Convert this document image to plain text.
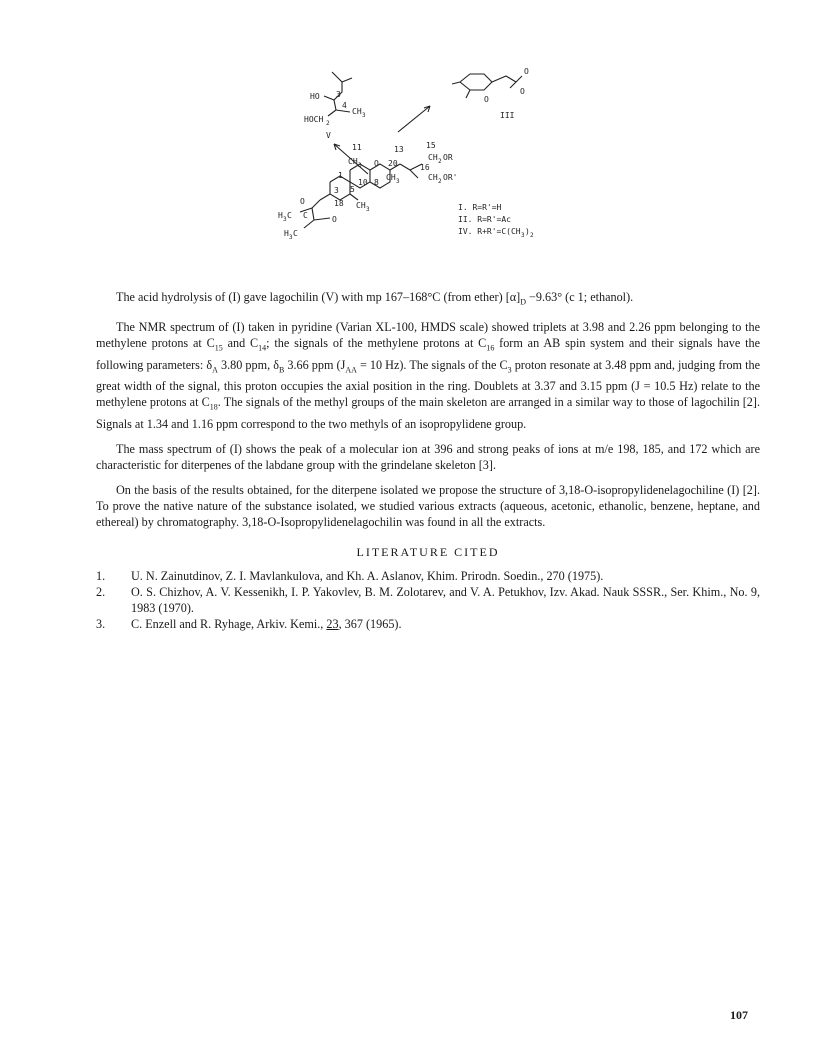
HO 3
4
CH 3
HOCH 2
V
O
O
O
III
11	13	15
CH 2 OR
16
CH 2 OR'
CH 3 O 20
CH 3
10 8
1
3 5
O	18 CH 3
H 3 C C	O
H 3 C
I. R=R'=H
II. R=R'=Ac
IV. R+R'=C(CH 3 ) 2

The acid hydrolysis of (I) gave lagochilin (V) with mp 167–168°C (from ether) $[\alpha]_D -9.63^\circ$ (c 1; ethanol).

The NMR spectrum of (I) taken in pyridine (Varian XL-100, HMDS scale) showed triplets at 3.98 and 2.26 ppm belonging to the methylene protons at $C_{15}$ and $C_{14}$; the signals of the methylene protons at $C_{16}$ form an AB spin system and their signals have the following parameters: $\delta_A$ 3.80 ppm, $\delta_B$ 3.66 ppm ($J_{AA} = 10$ Hz). The signals of the $C_3$ proton resonate at 3.48 ppm and, judging from the great width of the signal, this proton occupies the axial position in the ring. Doublets at 3.37 and 3.15 ppm (J = 10.5 Hz) relate to the methylene protons at $C_{18}$. The signals of the methyl groups of the main skeleton are arranged in a similar way to those of lagochilin [2]. Signals at 1.34 and 1.16 ppm correspond to the two methyls of an isopropylidene group.

The mass spectrum of (I) shows the peak of a molecular ion at 396 and strong peaks of ions at m/e 198, 185, and 172 which are characteristic for diterpenes of the labdane group with the grindelane skeleton [3].

On the basis of the results obtained, for the diterpene isolated we propose the structure of 3,18-O-isopropylidenelagochiline (I) [2]. To prove the native nature of the substance isolated, we studied various extracts (aqueous, acetonic, ethanolic, benzene, heptane, and ethereal) by chromatography. 3,18-O-Isopropylidenelagochilin was found in all the extracts.

LITERATURE CITED
1.	U. N. Zainutdinov, Z. I. Mavlankulova, and Kh. A. Aslanov, Khim. Prirodn. Soedin., 270 (1975).
2.	O. S. Chizhov, A. V. Kessenikh, I. P. Yakovlev, B. M. Zolotarev, and V. A. Petukhov, Izv. Akad. Nauk SSSR., Ser. Khim., No. 9, 1983 (1970).
3.	C. Enzell and R. Ryhage, Arkiv. Kemi., 23, 367 (1965).
107
